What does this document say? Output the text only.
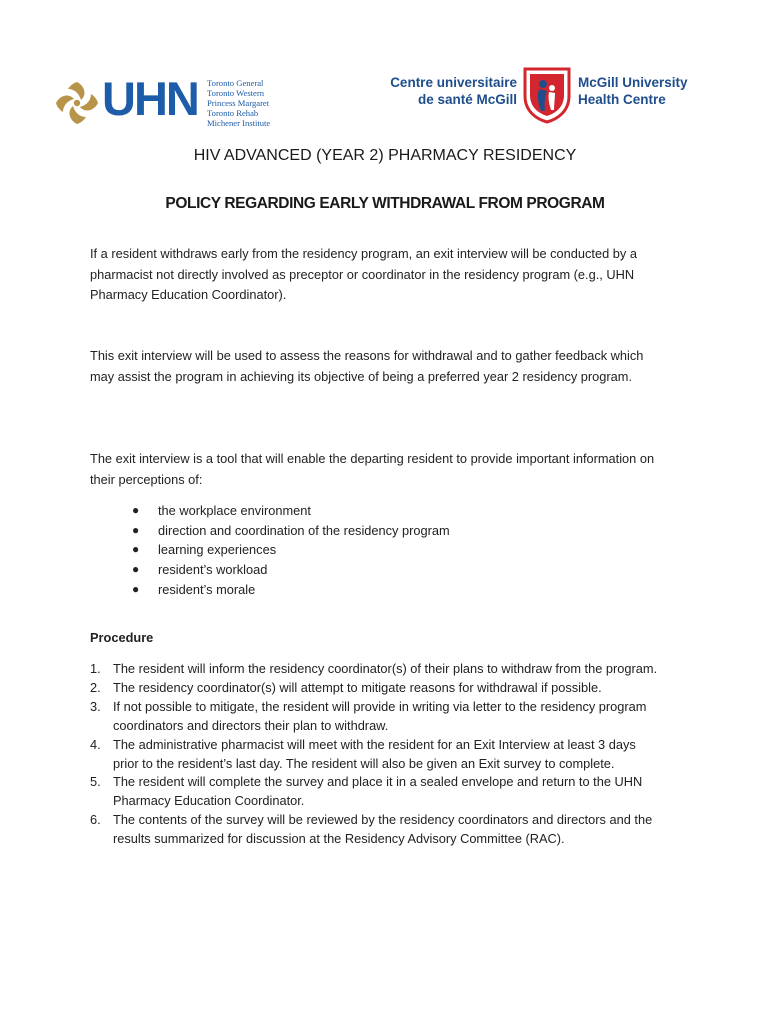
UHN Toronto General
Toronto Western
Princess Margaret
Toronto Rehab
Michener Institute
Centre universitaire
de santé McGill
McGill University
Health Centre
HIV ADVANCED (YEAR 2) PHARMACY RESIDENCY
POLICY REGARDING EARLY WITHDRAWAL FROM PROGRAM

If a resident withdraws early from the residency program, an exit interview will be conducted by a pharmacist not directly involved as preceptor or coordinator in the residency program (e.g., UHN Pharmacy Education Coordinator).

This exit interview will be used to assess the reasons for withdrawal and to gather feedback which may assist the program in achieving its objective of being a preferred year 2 residency program.

The exit interview is a tool that will enable the departing resident to provide important information on their perceptions of:

● the workplace environment
● direction and coordination of the residency program
● learning experiences
● resident’s workload
● resident’s morale
Procedure
1. The resident will inform the residency coordinator(s) of their plans to withdraw from the program.
2. The residency coordinator(s) will attempt to mitigate reasons for withdrawal if possible.
3. If not possible to mitigate, the resident will provide in writing via letter to the residency program coordinators and directors their plan to withdraw.
4. The administrative pharmacist will meet with the resident for an Exit Interview at least 3 days prior to the resident’s last day. The resident will also be given an Exit survey to complete.
5. The resident will complete the survey and place it in a sealed envelope and return to the UHN Pharmacy Education Coordinator.
6. The contents of the survey will be reviewed by the residency coordinators and directors and the results summarized for discussion at the Residency Advisory Committee (RAC).
